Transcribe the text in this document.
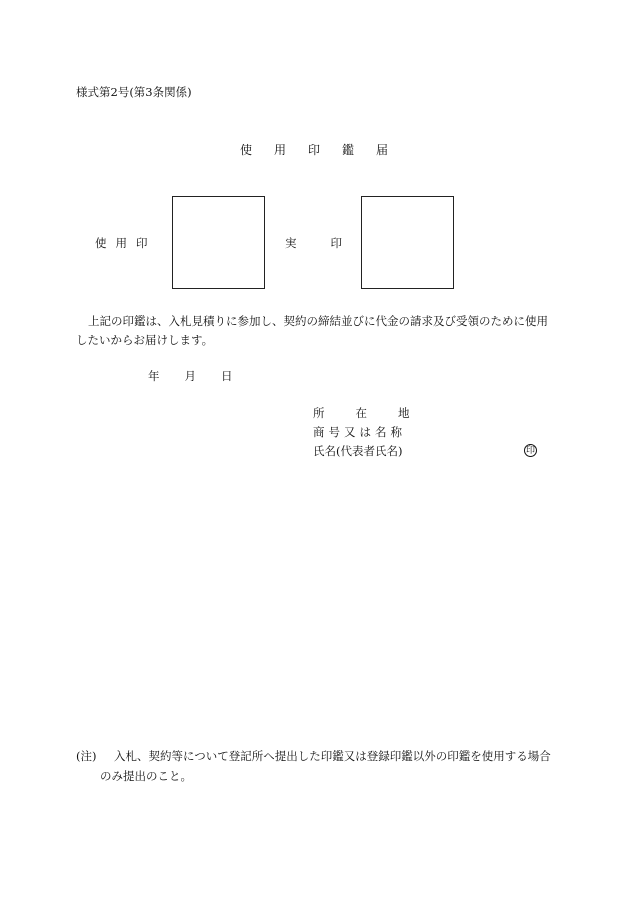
様式第2号(第3条関係)
使用印鑑届
使用印	実	印
上記の印鑑は、入札見積りに参加し、契約の締結並びに代金の請求及び受領のために使用
したいからお届けします。
年 月 日
所	在	地
商号又は名称
氏名(代表者氏名)	印
(注) 入札、契約等について登記所へ提出した印鑑又は登録印鑑以外の印鑑を使用する場合
のみ提出のこと。
